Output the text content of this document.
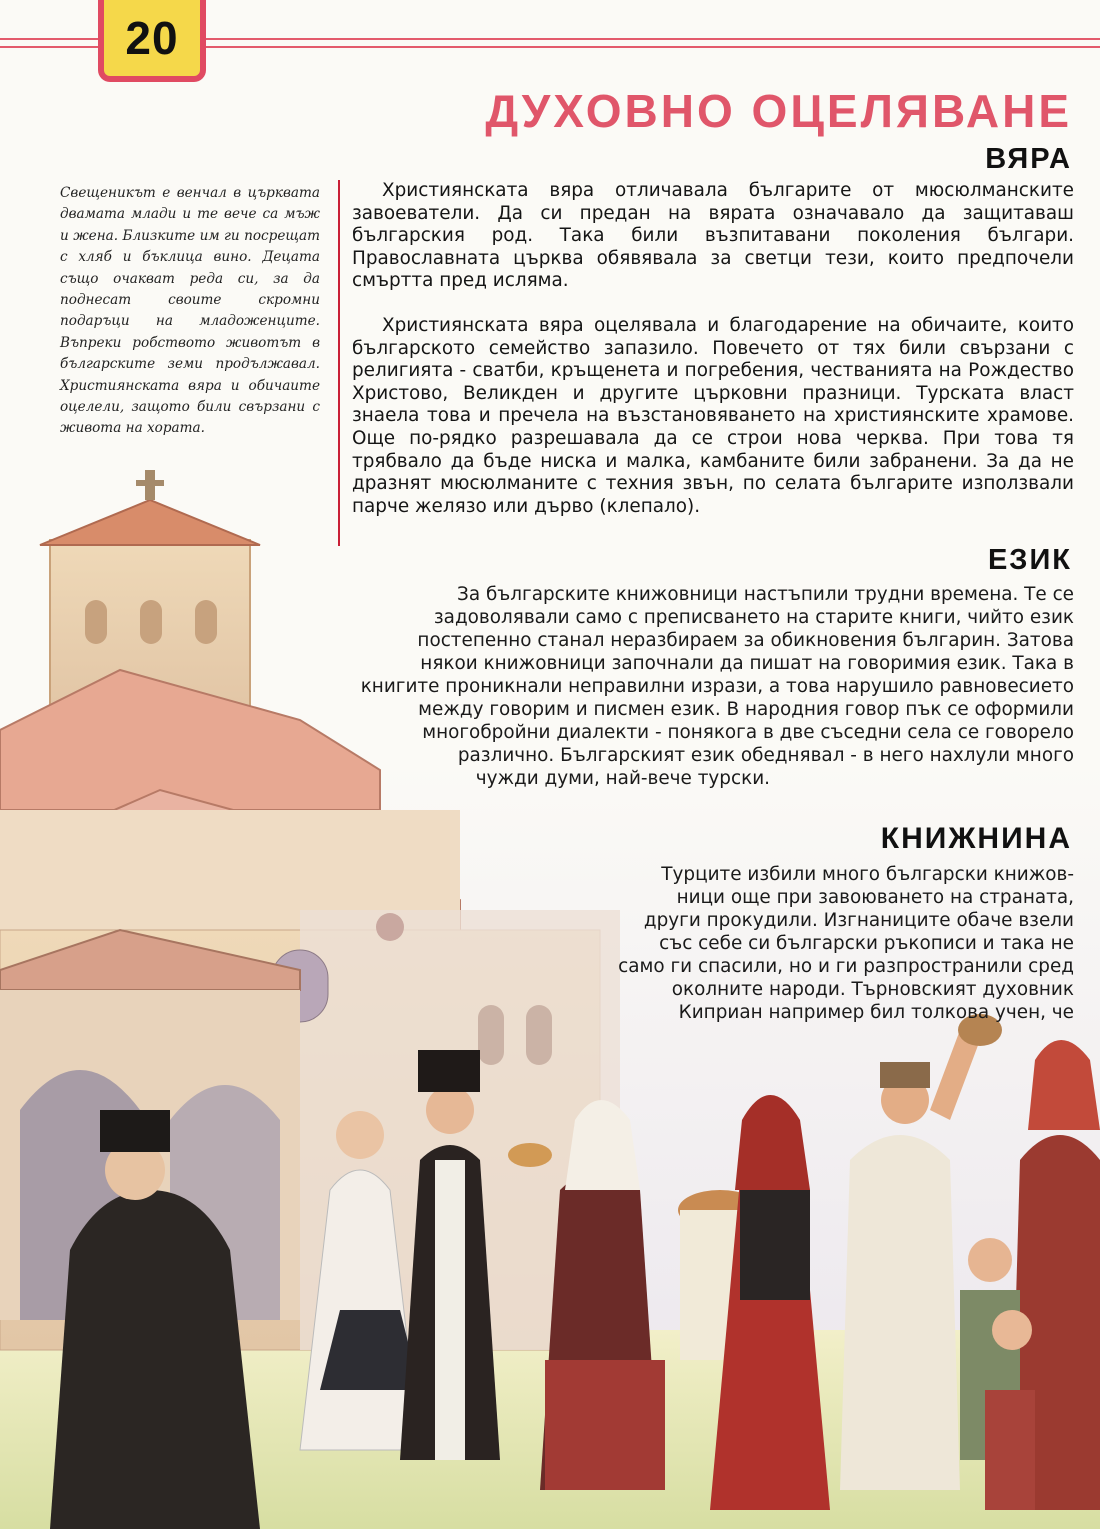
20
ДУХОВНО ОЦЕЛЯВАНЕ
ВЯРА
Свещеникът е венчал в църквата двамата млади и те вече са мъж и жена. Близките им ги посрещат с хляб и бъклица вино. Децата също очакват реда си, за да поднесат своите скромни подаръци на младоженците. Въпреки робството животът в българските земи продължавал. Християнската вяра и обичаите оцелели, защото били свързани с живота на хората.

Християнската вяра отличавала българите от мюсюлманските завоеватели. Да си предан на вярата означавало да защитаваш българския род. Така били възпитавани поколения българи. Православната църква обявявала за светци тези, които предпочели смъртта пред исляма.

Християнската вяра оцелявала и благодарение на обичаите, които българското семейство запазило. Повечето от тях били свързани с религията - сватби, кръщенета и погребения, честванията на Рождество Христово, Великден и другите църковни празници. Турската власт знаела това и пречела на възстановяването на християнските храмове. Още по-рядко разрешавала да се строи нова черква. При това тя трябвало да бъде ниска и малка, камбаните били забранени. За да не дразнят мюсюлманите с техния звън, по селата българите използвали парче желязо или дърво (клепало).

ЕЗИК
За българските книжовници настъпили трудни времена. Те се
задоволявали само с преписването на старите книги, чийто език
постепенно станал неразбираем за обикновения българин. Затова
някои книжовници започнали да пишат на говоримия език. Така в
книгите проникнали неправилни изрази, а това нарушило равновесието
между говорим и писмен език. В народния говор пък се оформили
многобройни диалекти - понякога в две съседни села се говорело
различно. Българският език обеднявал - в него нахлули много
чужди думи, най-вече турски.
КНИЖНИНА
Турците избили много български книжов-
ници още при завоюването на страната,
други прокудили. Изгнаниците обаче взели
със себе си български ръкописи и така не
само ги спасили, но и ги разпространили сред
околните народи. Търновският духовник
Киприан например бил толкова учен, че
